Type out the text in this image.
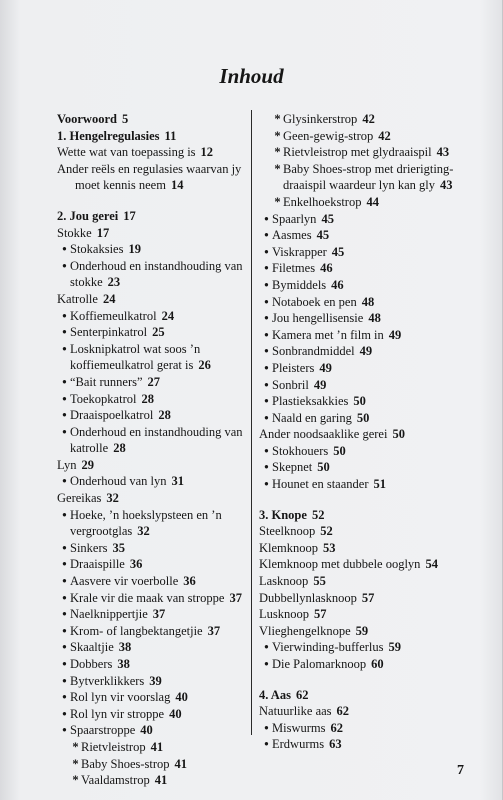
Inhoud
Voorwoord 5
1. Hengelregulasies 11
Wette wat van toepassing is 12
Ander reëls en regulasies waarvan jy moet kennis neem 14
2. Jou gerei 17
Stokke 17
• Stokaksies 19
• Onderhoud en instandhouding van stokke 23
Katrolle 24
• Koffiemeulkatrol 24
• Senterpinkatrol 25
• Losknipkatrol wat soos ’n koffiemeulkatrol gerat is 26
• “Bait runners” 27
• Toekopkatrol 28
• Draaispoelkatrol 28
• Onderhoud en instandhouding van katrolle 28
Lyn 29
• Onderhoud van lyn 31
Gereikas 32
• Hoeke, ’n hoekslypsteen en ’n vergrootglas 32
• Sinkers 35
• Draaispille 36
• Aasvere vir voerbolle 36
• Krale vir die maak van stroppe 37
• Naelknippertjie 37
• Krom- of langbektangetjie 37
• Skaaltjie 38
• Dobbers 38
• Bytverklikkers 39
• Rol lyn vir voorslag 40
• Rol lyn vir stroppe 40
• Spaarstroppe 40
* Rietvleistrop 41
* Baby Shoes-strop 41
* Vaaldamstrop 41
* Glysinkerstrop 42
* Geen-gewig-strop 42
* Rietvleistrop met glydraaispil 43
* Baby Shoes-strop met drierigting-draaispil waardeur lyn kan gly 43
* Enkelhoekstrop 44
• Spaarlyn 45
• Aasmes 45
• Viskrapper 45
• Filetmes 46
• Bymiddels 46
• Notaboek en pen 48
• Jou hengellisensie 48
• Kamera met ’n film in 49
• Sonbrandmiddel 49
• Pleisters 49
• Sonbril 49
• Plastieksakkies 50
• Naald en garing 50
Ander noodsaaklike gerei 50
• Stokhouers 50
• Skepnet 50
• Hounet en staander 51
3. Knope 52
Steelknoop 52
Klemknoop 53
Klemknoop met dubbele ooglyn 54
Lasknoop 55
Dubbellynlasknoop 57
Lusknoop 57
Vlieghengelknope 59
• Vierwinding-bufferlus 59
• Die Palomarknoop 60
4. Aas 62
Natuurlike aas 62
• Miswurms 62
• Erdwurms 63
7
